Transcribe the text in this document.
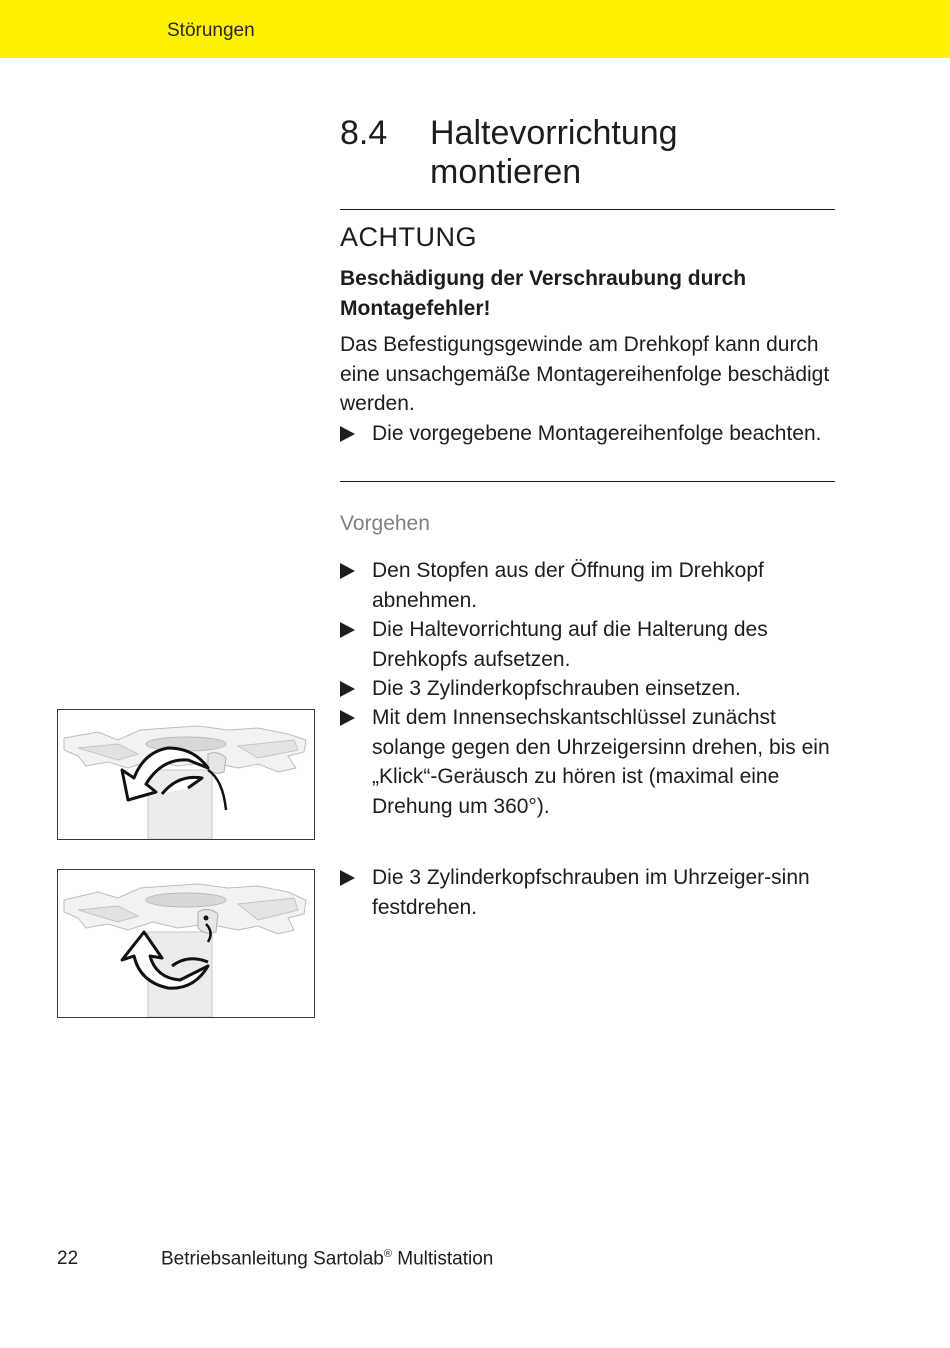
Störungen
8.4 Haltevorrichtung montieren
ACHTUNG
Beschädigung der Verschraubung durch Montagefehler!
Das Befestigungsgewinde am Drehkopf kann durch eine unsachgemäße Montagereihenfolge beschädigt werden.
Die vorgegebene Montagereihenfolge beachten.
Vorgehen
Den Stopfen aus der Öffnung im Drehkopf abnehmen.
Die Haltevorrichtung auf die Halterung des Drehkopfs aufsetzen.
Die 3 Zylinderkopfschrauben einsetzen.
Mit dem Innensechskantschlüssel zunächst solange gegen den Uhrzeigersinn drehen, bis ein „Klick“-Geräusch zu hören ist (maximal eine Drehung um 360°).
Die 3 Zylinderkopfschrauben im Uhrzeiger-sinn festdrehen.
22	Betriebsanleitung Sartolab® Multistation
